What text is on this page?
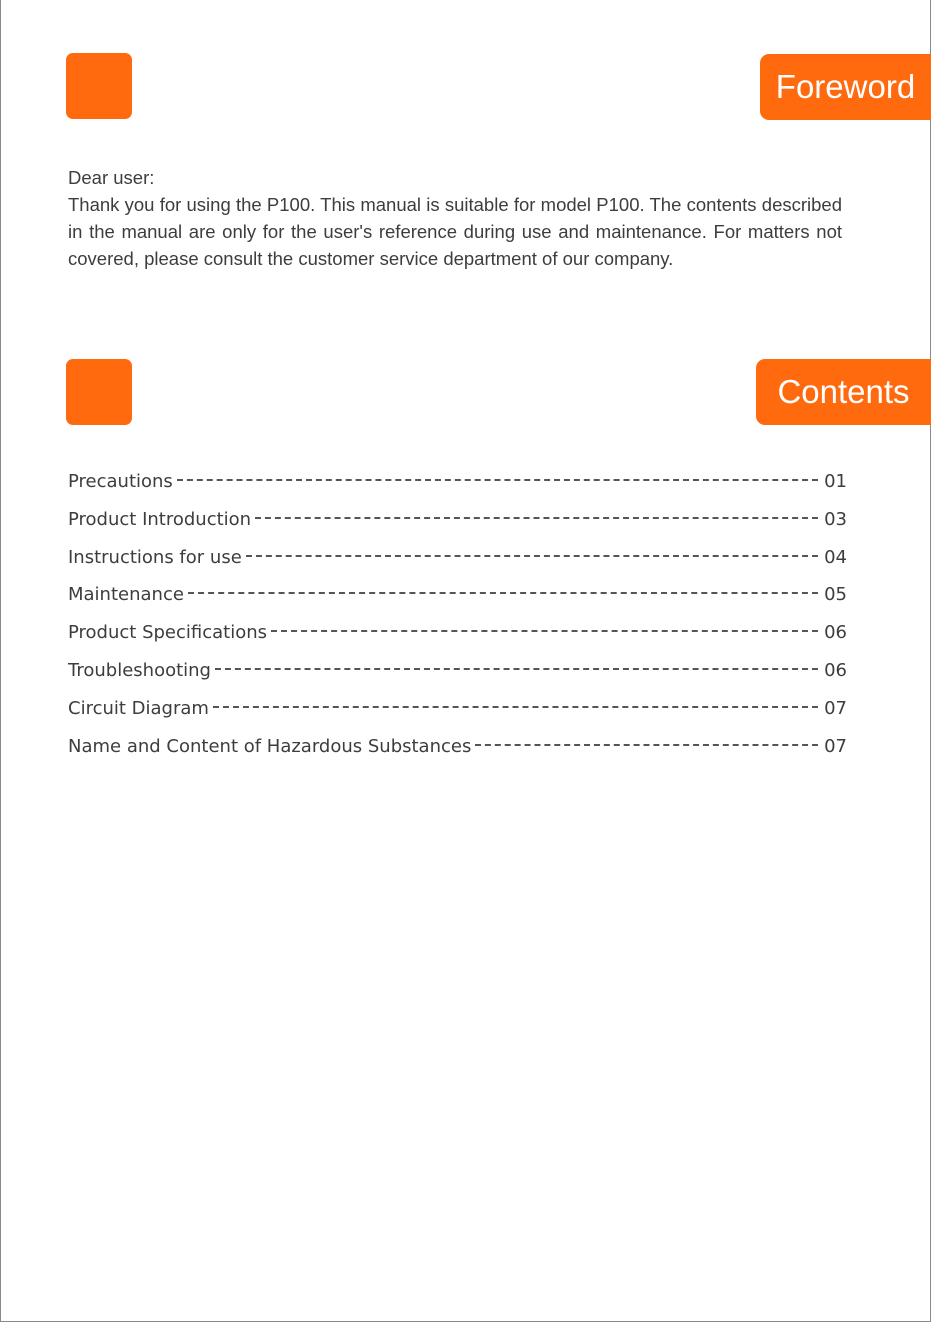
Foreword

Dear user:

Thank you for using the P100. This manual is suitable for model P100. The contents described in the manual are only for the user's reference during use and maintenance. For matters not covered, please consult the customer service department of our company.

Contents
Precautions	01
Product Introduction	03
Instructions for use	04
Maintenance	05
Product Specifications	06
Troubleshooting	06
Circuit Diagram	07
Name and Content of Hazardous Substances	07
